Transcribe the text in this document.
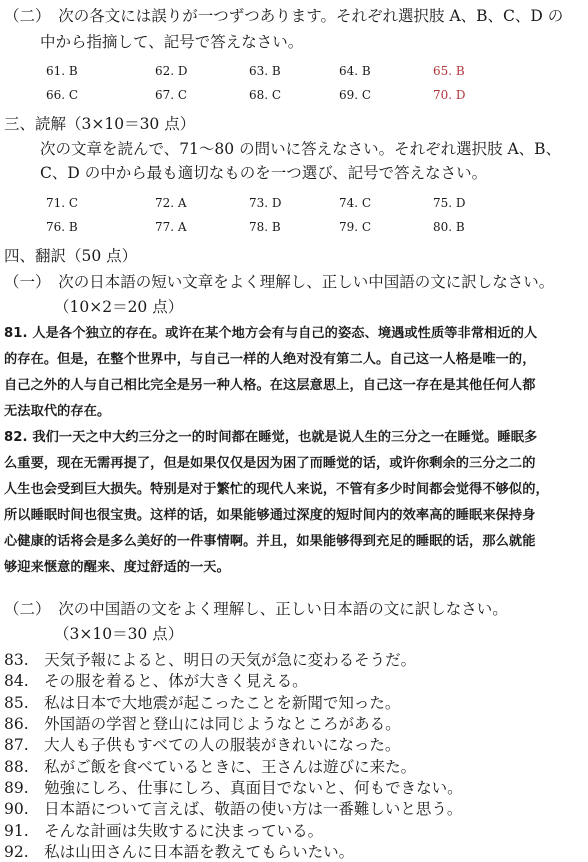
（二）　次の各文には誤りが一つずつあります。それぞれ選択肢 A、B、C、D の
中から指摘して、記号で答えなさい。
61. B	62. D	63. B	64. B	65. B
66. C	67. C	68. C	69. C	70. D
三、読解（3×10＝30 点）
次の文章を読んで、71～80 の問いに答えなさい。それぞれ選択肢 A、B、
C、D の中から最も適切なものを一つ選び、記号で答えなさい。
71. C	72. A	73. D	74. C	75. D
76. B	77. A	78. B	79. C	80. B
四、翻訳（50 点）
（一）　次の日本語の短い文章をよく理解し、正しい中国語の文に訳しなさい。
（10×2＝20 点）
81. 人是各个独立的存在。或许在某个地方会有与自己的姿态、境遇或性质等非常相近的人
的存在。但是，在整个世界中，与自己一样的人绝对没有第二人。自己这一人格是唯一的，
自己之外的人与自己相比完全是另一种人格。在这层意思上，自己这一存在是其他任何人都
无法取代的存在。
82. 我们一天之中大约三分之一的时间都在睡觉，也就是说人生的三分之一在睡觉。睡眠多
么重要，现在无需再提了，但是如果仅仅是因为困了而睡觉的话，或许你剩余的三分之二的
人生也会受到巨大损失。特别是对于繁忙的现代人来说，不管有多少时间都会觉得不够似的，
所以睡眠时间也很宝贵。这样的话，如果能够通过深度的短时间内的效率高的睡眠来保持身
心健康的话将会是多么美好的一件事情啊。并且，如果能够得到充足的睡眠的话，那么就能
够迎来惬意的醒来、度过舒适的一天。
（二）　次の中国語の文をよく理解し、正しい日本語の文に訳しなさい。
（3×10＝30 点）
83.　天気予報によると、明日の天気が急に変わるそうだ。
84.　その服を着ると、体が大きく見える。
85.　私は日本で大地震が起こったことを新聞で知った。
86.　外国語の学習と登山には同じようなところがある。
87.　大人も子供もすべての人の服装がきれいになった。
88.　私がご飯を食べているときに、王さんは遊びに来た。
89.　勉強にしろ、仕事にしろ、真面目でないと、何もできない。
90.　日本語について言えば、敬語の使い方は一番難しいと思う。
91.　そんな計画は失敗するに決まっている。
92.　私は山田さんに日本語を教えてもらいたい。
